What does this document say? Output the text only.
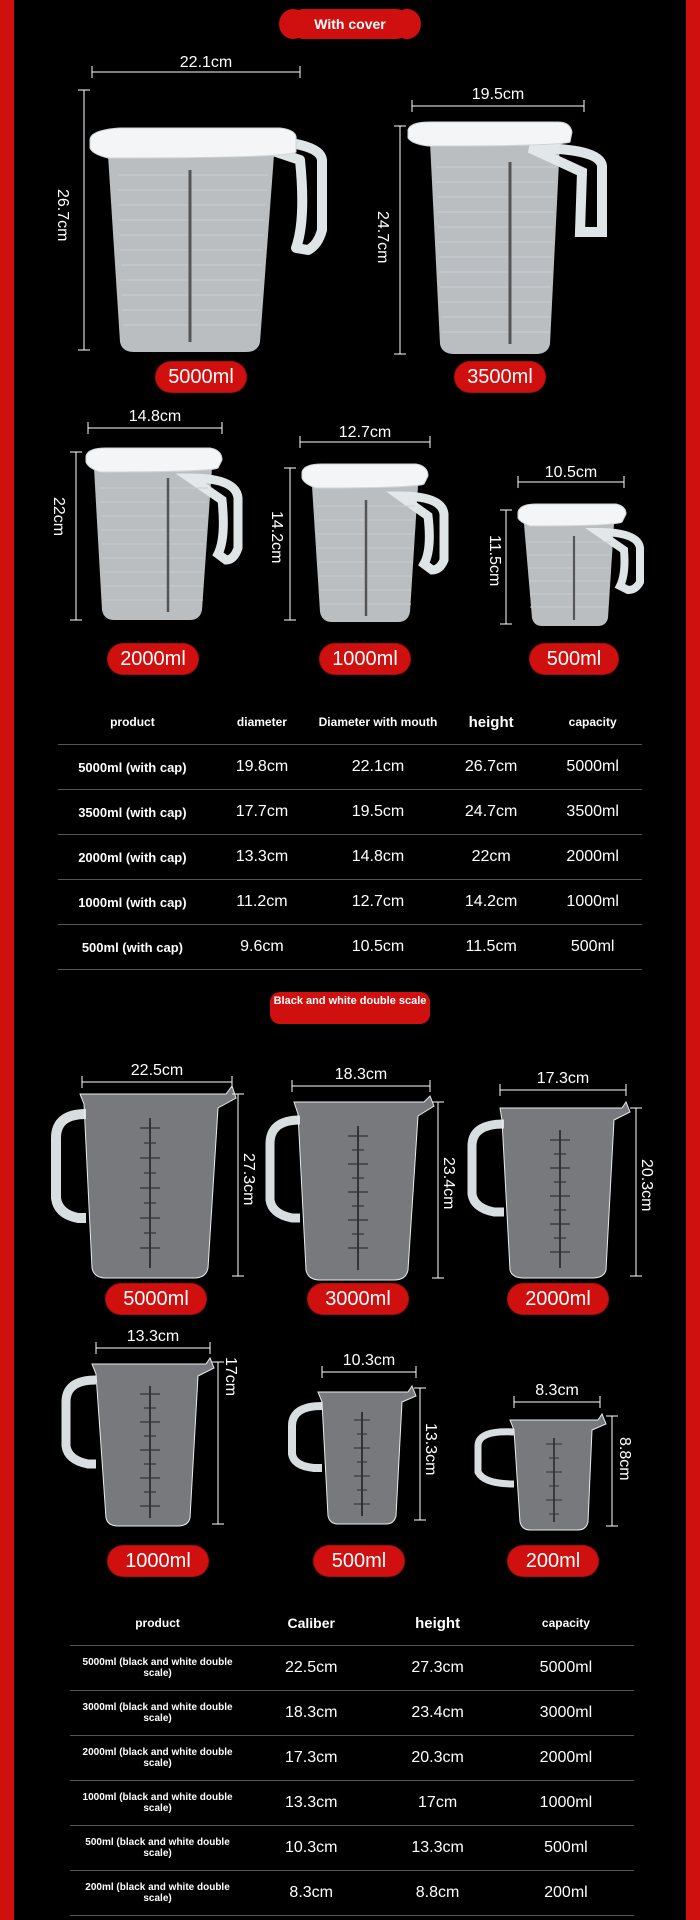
With cover
22.1cm
26.7cm
5000ml
19.5cm
24.7cm
3500ml
14.8cm
22cm
2000ml
12.7cm
14.2cm
1000ml
10.5cm
11.5cm
500ml
product	diameter	Diameter with mouth	height	capacity
5000ml (with cap)	19.8cm	22.1cm	26.7cm	5000ml
3500ml (with cap)	17.7cm	19.5cm	24.7cm	3500ml
2000ml (with cap)	13.3cm	14.8cm	22cm	2000ml
1000ml (with cap)	11.2cm	12.7cm	14.2cm	1000ml
500ml (with cap)	9.6cm	10.5cm	11.5cm	500ml
Black and white double scale
22.5cm
27.3cm
5000ml
18.3cm
23.4cm
3000ml
17.3cm
20.3cm
2000ml
13.3cm
17cm
1000ml
10.3cm
13.3cm
500ml
8.3cm
8.8cm
200ml
product	Caliber	height	capacity
5000ml (black and white double scale)	22.5cm	27.3cm	5000ml
3000ml (black and white double scale)	18.3cm	23.4cm	3000ml
2000ml (black and white double scale)	17.3cm	20.3cm	2000ml
1000ml (black and white double scale)	13.3cm	17cm	1000ml
500ml (black and white double scale)	10.3cm	13.3cm	500ml
200ml (black and white double scale)	8.3cm	8.8cm	200ml
